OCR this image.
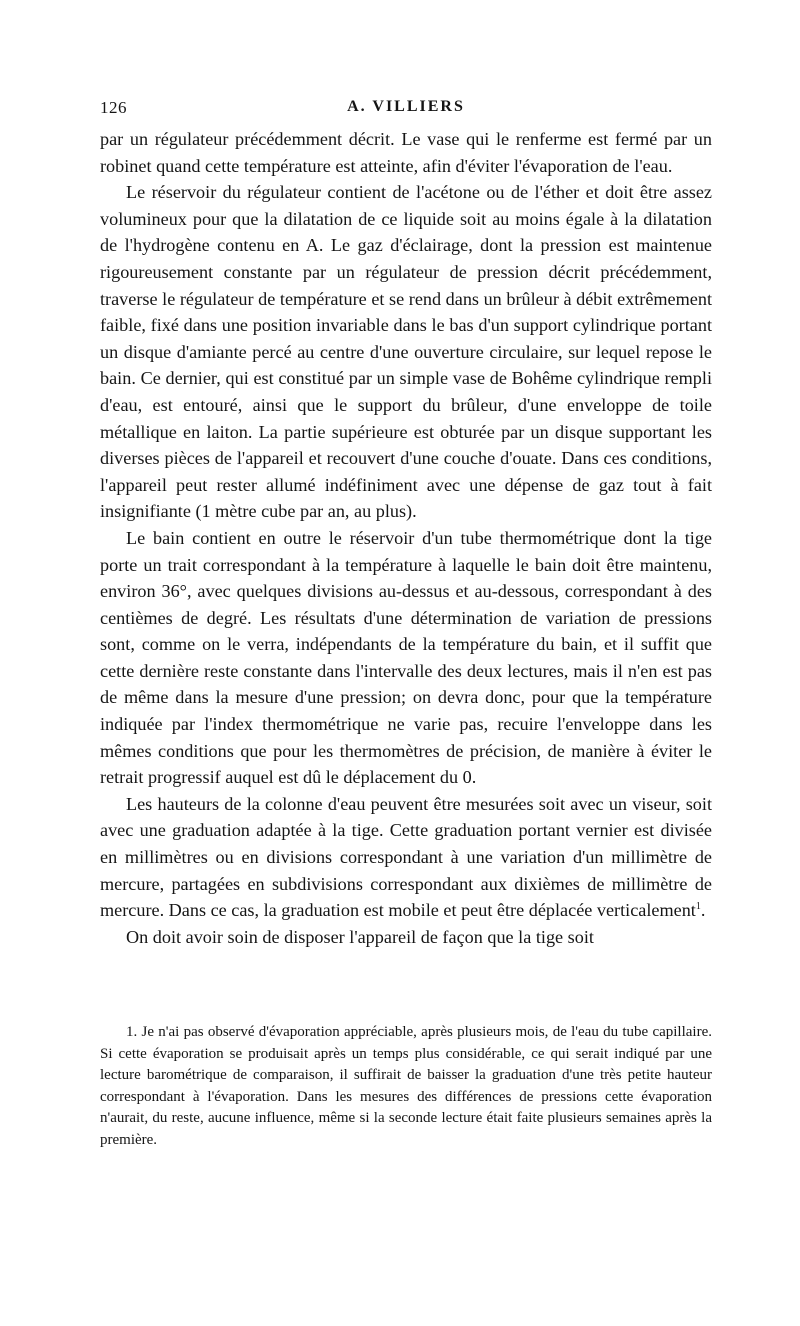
126	A. VILLIERS

par un régulateur précédemment décrit. Le vase qui le renferme est fermé par un robinet quand cette température est atteinte, afin d'éviter l'évaporation de l'eau.

Le réservoir du régulateur contient de l'acétone ou de l'éther et doit être assez volumineux pour que la dilatation de ce liquide soit au moins égale à la dilatation de l'hydrogène contenu en A. Le gaz d'éclairage, dont la pression est maintenue rigoureusement constante par un régulateur de pression décrit précédemment, traverse le régulateur de température et se rend dans un brûleur à débit extrêmement faible, fixé dans une position invariable dans le bas d'un support cylindrique portant un disque d'amiante percé au centre d'une ouverture circulaire, sur lequel repose le bain. Ce dernier, qui est constitué par un simple vase de Bohême cylindrique rempli d'eau, est entouré, ainsi que le support du brûleur, d'une enveloppe de toile métallique en laiton. La partie supérieure est obturée par un disque supportant les diverses pièces de l'appareil et recouvert d'une couche d'ouate. Dans ces conditions, l'appareil peut rester allumé indéfiniment avec une dépense de gaz tout à fait insignifiante (1 mètre cube par an, au plus).

Le bain contient en outre le réservoir d'un tube thermométrique dont la tige porte un trait correspondant à la température à laquelle le bain doit être maintenu, environ 36°, avec quelques divisions au-dessus et au-dessous, correspondant à des centièmes de degré. Les résultats d'une détermination de variation de pressions sont, comme on le verra, indépendants de la température du bain, et il suffit que cette dernière reste constante dans l'intervalle des deux lectures, mais il n'en est pas de même dans la mesure d'une pression; on devra donc, pour que la température indiquée par l'index thermométrique ne varie pas, recuire l'enveloppe dans les mêmes conditions que pour les thermomètres de précision, de manière à éviter le retrait progressif auquel est dû le déplacement du 0.

Les hauteurs de la colonne d'eau peuvent être mesurées soit avec un viseur, soit avec une graduation adaptée à la tige. Cette graduation portant vernier est divisée en millimètres ou en divisions correspondant à une variation d'un millimètre de mercure, partagées en subdivisions correspondant aux dixièmes de millimètre de mercure. Dans ce cas, la graduation est mobile et peut être déplacée verticalement$^1$.

On doit avoir soin de disposer l'appareil de façon que la tige soit

1. Je n'ai pas observé d'évaporation appréciable, après plusieurs mois, de l'eau du tube capillaire. Si cette évaporation se produisait après un temps plus considérable, ce qui serait indiqué par une lecture barométrique de comparaison, il suffirait de baisser la graduation d'une très petite hauteur correspondant à l'évaporation. Dans les mesures des différences de pressions cette évaporation n'aurait, du reste, aucune influence, même si la seconde lecture était faite plusieurs semaines après la première.
